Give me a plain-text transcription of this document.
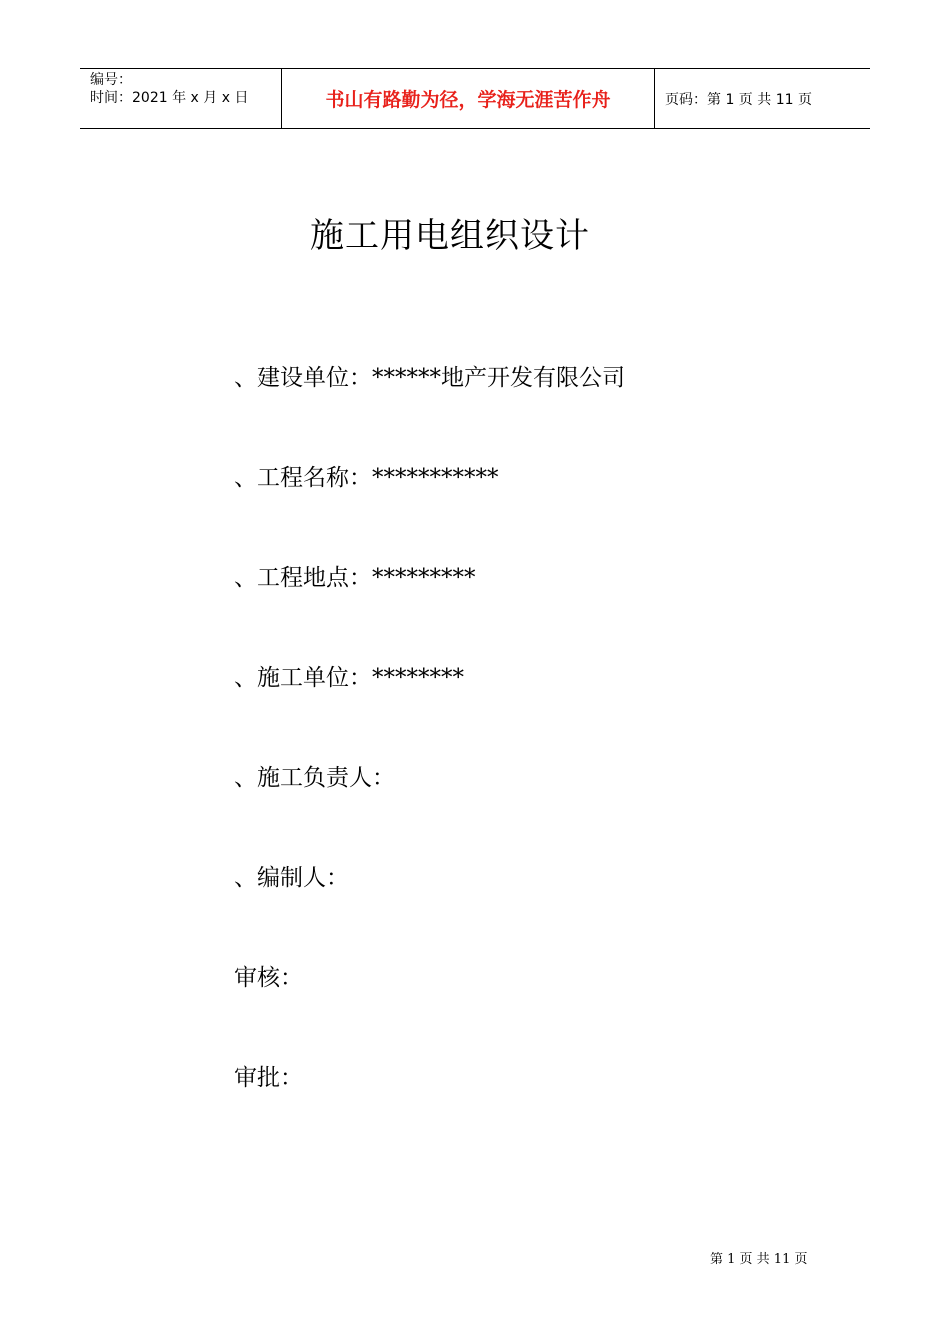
编号：
时间：2021 年 x 月 x 日	书山有路勤为径，学海无涯苦作舟	页码：第 1 页 共 11 页
施工用电组织设计
、建设单位：******地产开发有限公司
、工程名称：***********
、工程地点：*********
、施工单位：********
、施工负责人：
、编制人：
审核：
审批：
第 1 页 共 11 页
